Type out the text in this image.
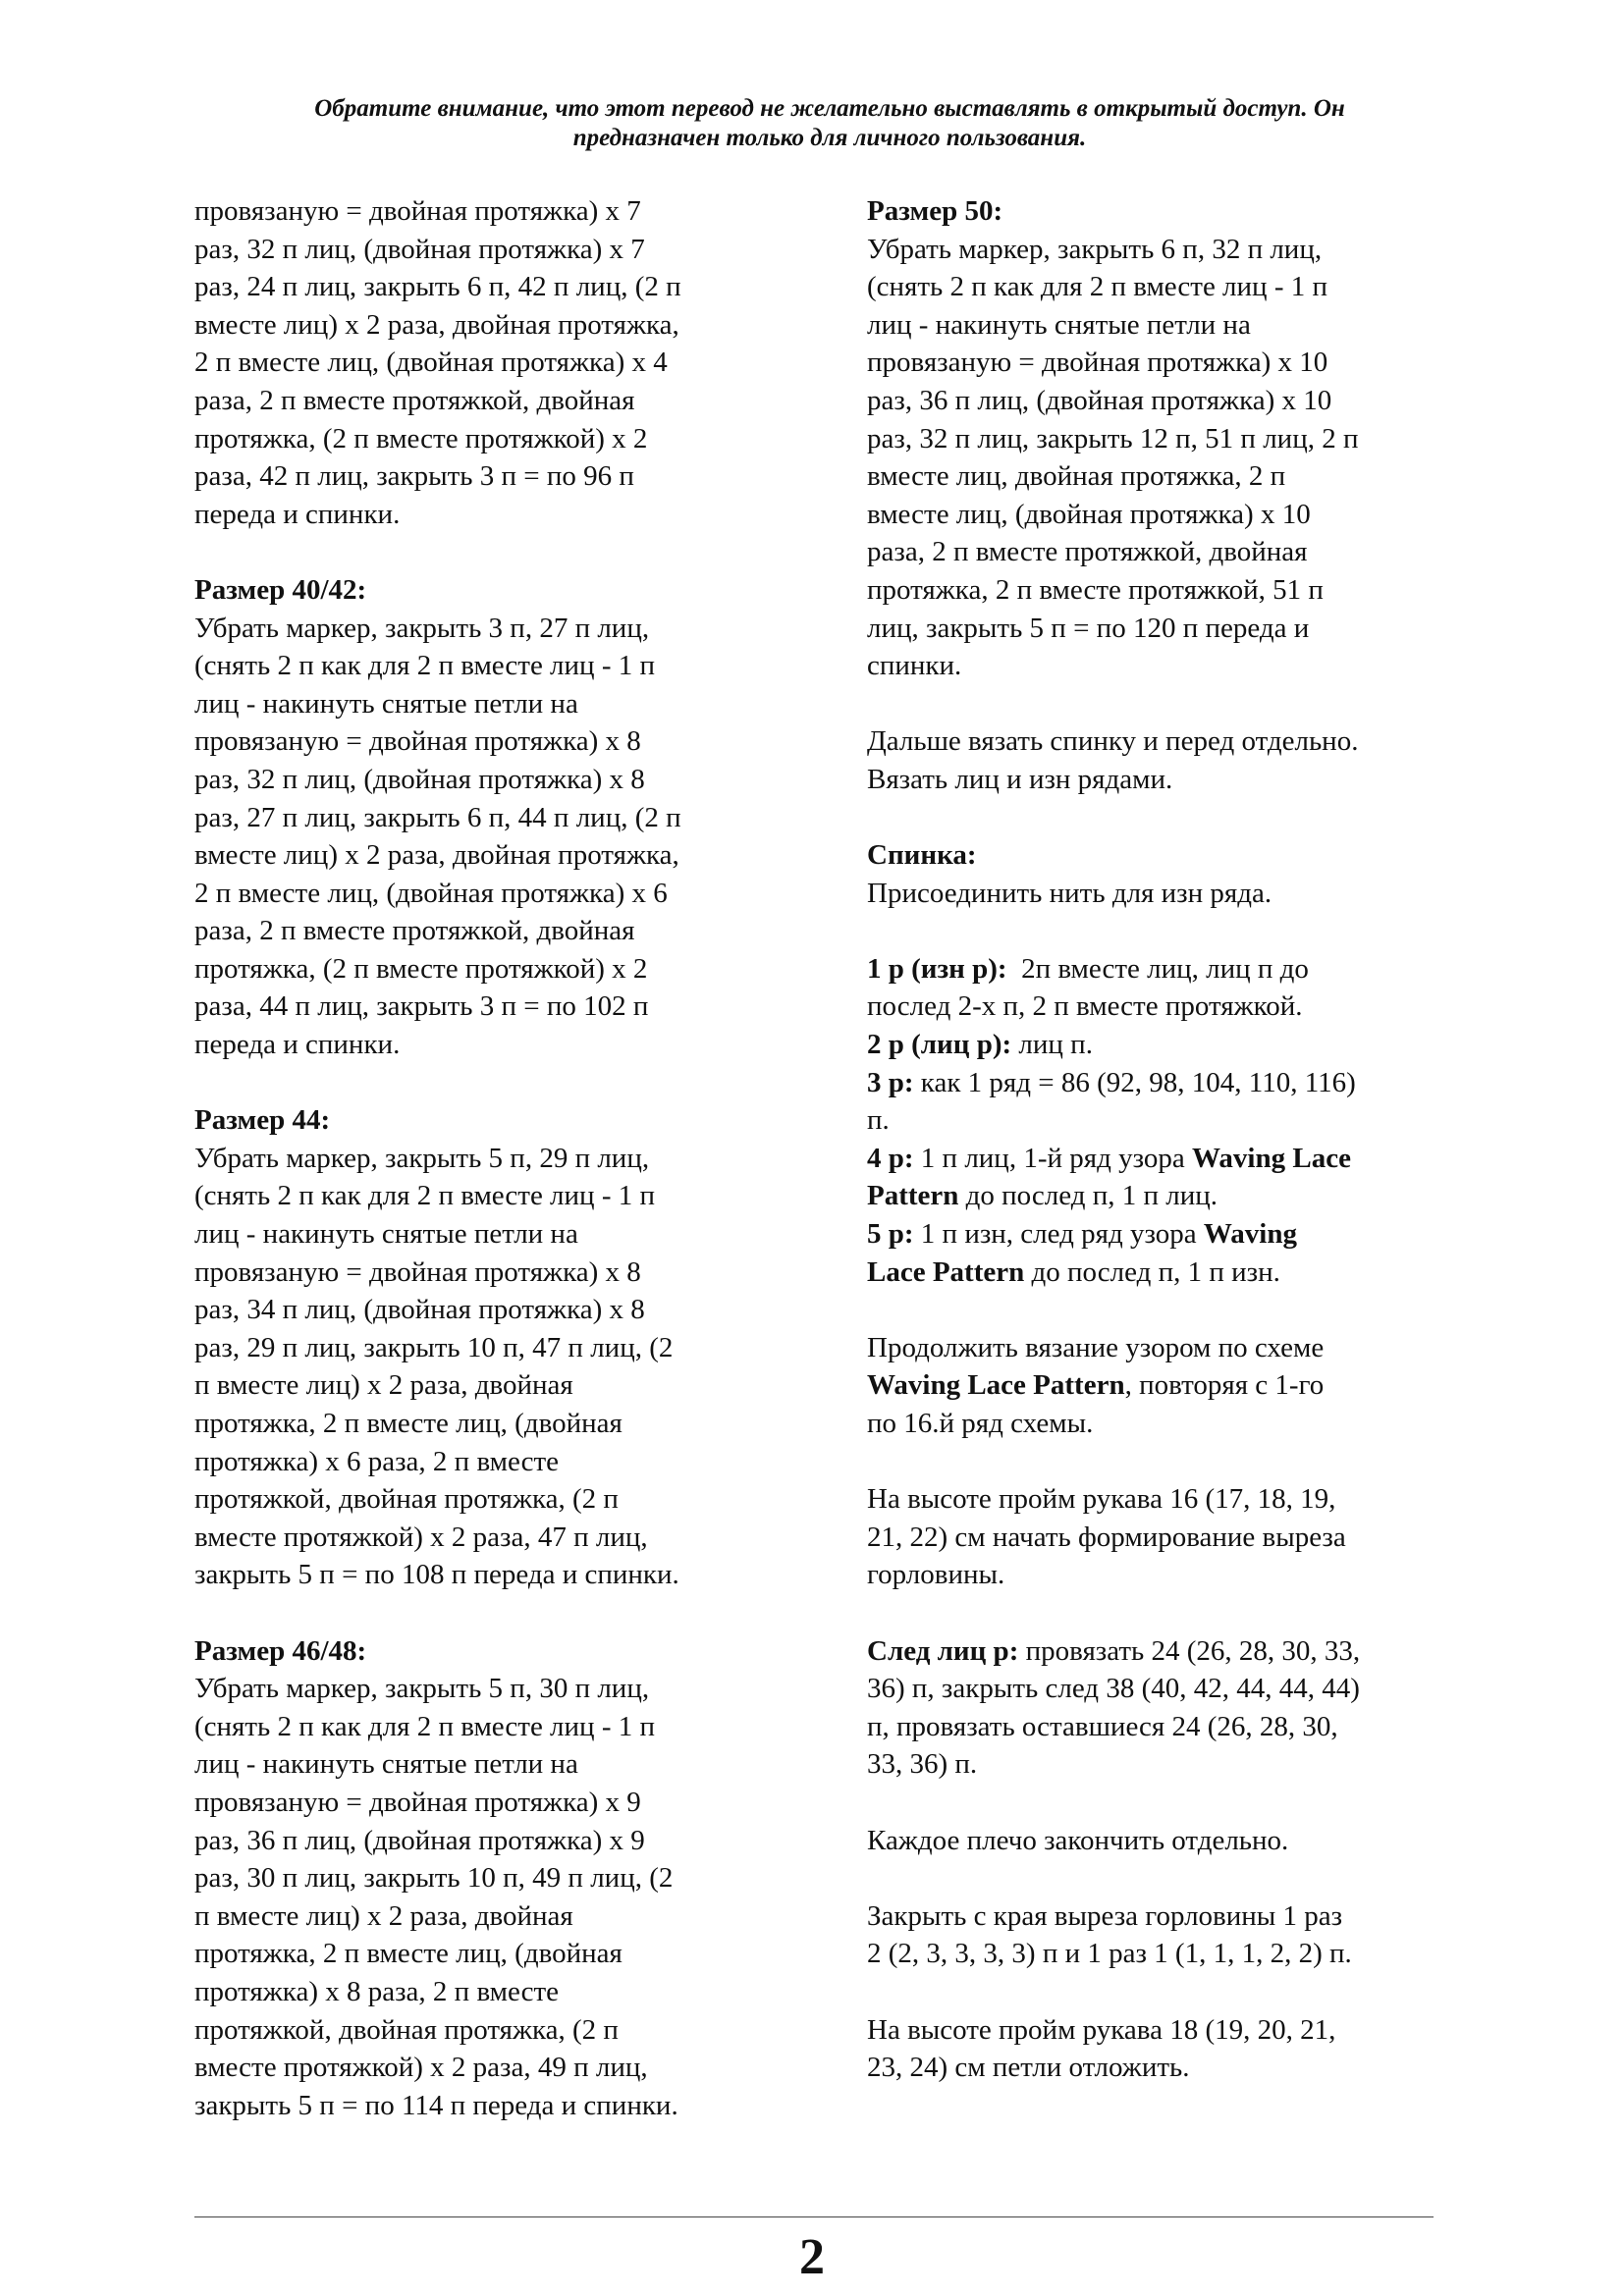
Обратите внимание, что этот перевод не желательно выставлять в открытый доступ. Он
предназначен только для личного пользования.
провязаную = двойная протяжка) x 7
раз, 32 п лиц, (двойная протяжка) x 7
раз, 24 п лиц, закрыть 6 п, 42 п лиц, (2 п
вместе лиц) x 2 раза, двойная протяжка,
2 п вместе лиц, (двойная протяжка) x 4
раза, 2 п вместе протяжкой, двойная
протяжка, (2 п вместе протяжкой) x 2
раза, 42 п лиц, закрыть 3 п = по 96 п
переда и спинки.
Размер 40/42:
Убрать маркер, закрыть 3 п, 27 п лиц,
(снять 2 п как для 2 п вместе лиц - 1 п
лиц - накинуть снятые петли на
провязаную = двойная протяжка) x 8
раз, 32 п лиц, (двойная протяжка) x 8
раз, 27 п лиц, закрыть 6 п, 44 п лиц, (2 п
вместе лиц) x 2 раза, двойная протяжка,
2 п вместе лиц, (двойная протяжка) x 6
раза, 2 п вместе протяжкой, двойная
протяжка, (2 п вместе протяжкой) x 2
раза, 44 п лиц, закрыть 3 п = по 102 п
переда и спинки.
Размер 44:
Убрать маркер, закрыть 5 п, 29 п лиц,
(снять 2 п как для 2 п вместе лиц - 1 п
лиц - накинуть снятые петли на
провязаную = двойная протяжка) x 8
раз, 34 п лиц, (двойная протяжка) x 8
раз, 29 п лиц, закрыть 10 п, 47 п лиц, (2
п вместе лиц) x 2 раза, двойная
протяжка, 2 п вместе лиц, (двойная
протяжка) x 6 раза, 2 п вместе
протяжкой, двойная протяжка, (2 п
вместе протяжкой) x 2 раза, 47 п лиц,
закрыть 5 п = по 108 п переда и спинки.
Размер 46/48:
Убрать маркер, закрыть 5 п, 30 п лиц,
(снять 2 п как для 2 п вместе лиц - 1 п
лиц - накинуть снятые петли на
провязаную = двойная протяжка) x 9
раз, 36 п лиц, (двойная протяжка) x 9
раз, 30 п лиц, закрыть 10 п, 49 п лиц, (2
п вместе лиц) x 2 раза, двойная
протяжка, 2 п вместе лиц, (двойная
протяжка) x 8 раза, 2 п вместе
протяжкой, двойная протяжка, (2 п
вместе протяжкой) x 2 раза, 49 п лиц,
закрыть 5 п = по 114 п переда и спинки.
Размер 50:
Убрать маркер, закрыть 6 п, 32 п лиц,
(снять 2 п как для 2 п вместе лиц - 1 п
лиц - накинуть снятые петли на
провязаную = двойная протяжка) x 10
раз, 36 п лиц, (двойная протяжка) x 10
раз, 32 п лиц, закрыть 12 п, 51 п лиц, 2 п
вместе лиц, двойная протяжка, 2 п
вместе лиц, (двойная протяжка) x 10
раза, 2 п вместе протяжкой, двойная
протяжка, 2 п вместе протяжкой, 51 п
лиц, закрыть 5 п = по 120 п переда и
спинки.
Дальше вязать спинку и перед отдельно.
Вязать лиц и изн рядами.
Спинка:
Присоединить нить для изн ряда.
1 р (изн р):  2п вместе лиц, лиц п до
послед 2-х п, 2 п вместе протяжкой.
2 р (лиц р): лиц п.
3 р: как 1 ряд = 86 (92, 98, 104, 110, 116)
п.
4 р: 1 п лиц, 1-й ряд узора Waving Lace
Pattern до послед п, 1 п лиц.
5 р: 1 п изн, след ряд узора Waving
Lace Pattern до послед п, 1 п изн.
Продолжить вязание узором по схеме
Waving Lace Pattern, повторяя с 1-го
по 16.й ряд схемы.
На высоте пройм рукава 16 (17, 18, 19,
21, 22) см начать формирование выреза
горловины.
След лиц р: провязать 24 (26, 28, 30, 33,
36) п, закрыть след 38 (40, 42, 44, 44, 44)
п, провязать оставшиеся 24 (26, 28, 30,
33, 36) п.
Каждое плечо закончить отдельно.
Закрыть с края выреза горловины 1 раз
2 (2, 3, 3, 3, 3) п и 1 раз 1 (1, 1, 1, 2, 2) п.
На высоте пройм рукава 18 (19, 20, 21,
23, 24) см петли отложить.
2
